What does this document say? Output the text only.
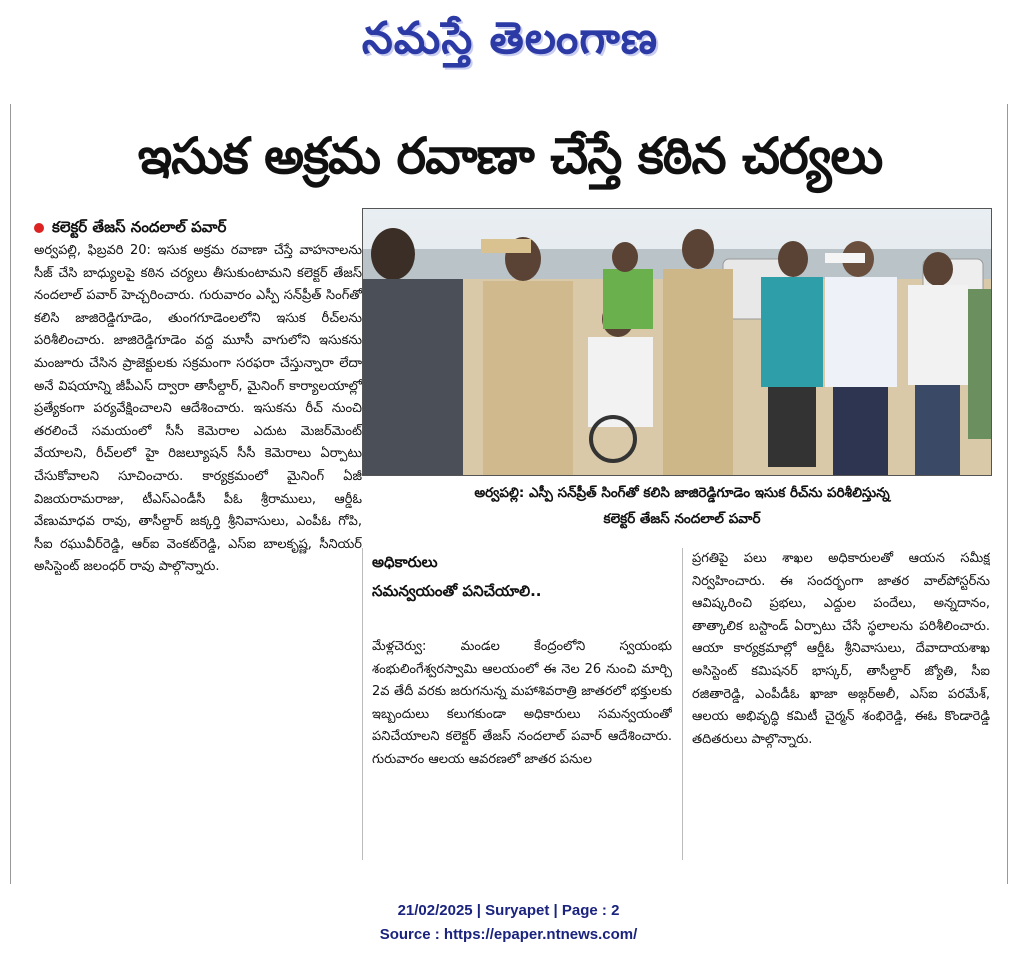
నమస్తే తెలంగాణ
ఇసుక అక్రమ రవాణా చేస్తే కఠిన చర్యలు
కలెక్టర్ తేజస్ నందలాల్ పవార్
అర్వపల్లి, ఫిబ్రవరి 20: ఇసుక అక్రమ రవాణా చేస్తే వాహనాలను సీజ్ చేసి బాధ్యులపై కఠిన చర్యలు తీసుకుంటామని కలెక్టర్ తేజస్ నందలాల్ పవార్ హెచ్చరించారు. గురువారం ఎస్పీ సన్‌ప్రీత్ సింగ్‌తో కలిసి జాజిరెడ్డిగూడెం, తుంగగూడెంలలోని ఇసుక రీచ్‌లను పరిశీలించారు. జాజిరెడ్డిగూడెం వద్ద మూసీ వాగులోని ఇసుకను మంజూరు చేసిన ప్రాజెక్టులకు సక్రమంగా సరఫరా చేస్తున్నారా లేదా అనే విషయాన్ని జీపీఎస్ ద్వారా తాసీల్దార్, మైనింగ్ కార్యాలయాల్లో ప్రత్యేకంగా పర్యవేక్షించాలని ఆదేశించారు. ఇసుకను రీచ్ నుంచి తరలించే సమయంలో సీసీ కెమెరాల ఎదుట మెజర్‌మెంట్ వేయాలని, రీచ్‌లలో హై రిజల్యూషన్ సీసీ కెమెరాలు ఏర్పాటు చేసుకోవాలని సూచించారు. కార్యక్రమంలో మైనింగ్ ఏజీ విజయరామరాజు, టీఎస్‌ఎండీసీ పీఓ శ్రీరాములు, ఆర్డీఓ వేణుమాధవ రావు, తాసీల్దార్ జక్కర్తి శ్రీనివాసులు, ఎంపీఓ గోపి, సీఐ రఘువీర్‌రెడ్డి, ఆర్‌ఐ వెంకట్‌రెడ్డి, ఎస్‌ఐ బాలకృష్ణ, సీనియర్ అసిస్టెంట్ జలంధర్ రావు పాల్గొన్నారు.
అర్వపల్లి: ఎస్పీ సన్‌ప్రీత్ సింగ్‌తో కలిసి జాజిరెడ్డిగూడెం ఇసుక రీచ్‌ను పరిశీలిస్తున్న
కలెక్టర్ తేజస్ నందలాల్ పవార్
అధికారులు
సమన్వయంతో పనిచేయాలి..
మేళ్లచెర్వు: మండల కేంద్రంలోని స్వయంభు శంభులింగేశ్వరస్వామి ఆలయంలో ఈ నెల 26 నుంచి మార్చి 2వ తేదీ వరకు జరుగనున్న మహాశివరాత్రి జాతరలో భక్తులకు ఇబ్బందులు కలుగకుండా అధికారులు సమన్వయంతో పనిచేయాలని కలెక్టర్ తేజస్ నందలాల్ పవార్ ఆదేశించారు. గురువారం ఆలయ ఆవరణలో జాతర పనుల
ప్రగతిపై పలు శాఖల అధికారులతో ఆయన సమీక్ష నిర్వహించారు. ఈ సందర్భంగా జాతర వాల్‌పోస్టర్‌ను ఆవిష్కరించి ప్రభలు, ఎద్దుల పందేలు, అన్నదానం, తాత్కాలిక బస్టాండ్ ఏర్పాటు చేసే స్థలాలను పరిశీలించారు. ఆయా కార్యక్రమాల్లో ఆర్డీఓ శ్రీనివాసులు, దేవాదాయశాఖ అసిస్టెంట్ కమిషనర్ భాస్కర్, తాసీల్దార్ జ్యోతి, సీఐ రజితారెడ్డి, ఎంపీడీఓ ఖాజా అజ్గర్‌అలీ, ఎస్‌ఐ పరమేశ్, ఆలయ అభివృద్ధి కమిటీ చైర్మన్ శంభిరెడ్డి, ఈఓ కొండారెడ్డి తదితరులు పాల్గొన్నారు.
21/02/2025 | Suryapet | Page : 2
Source : https://epaper.ntnews.com/
